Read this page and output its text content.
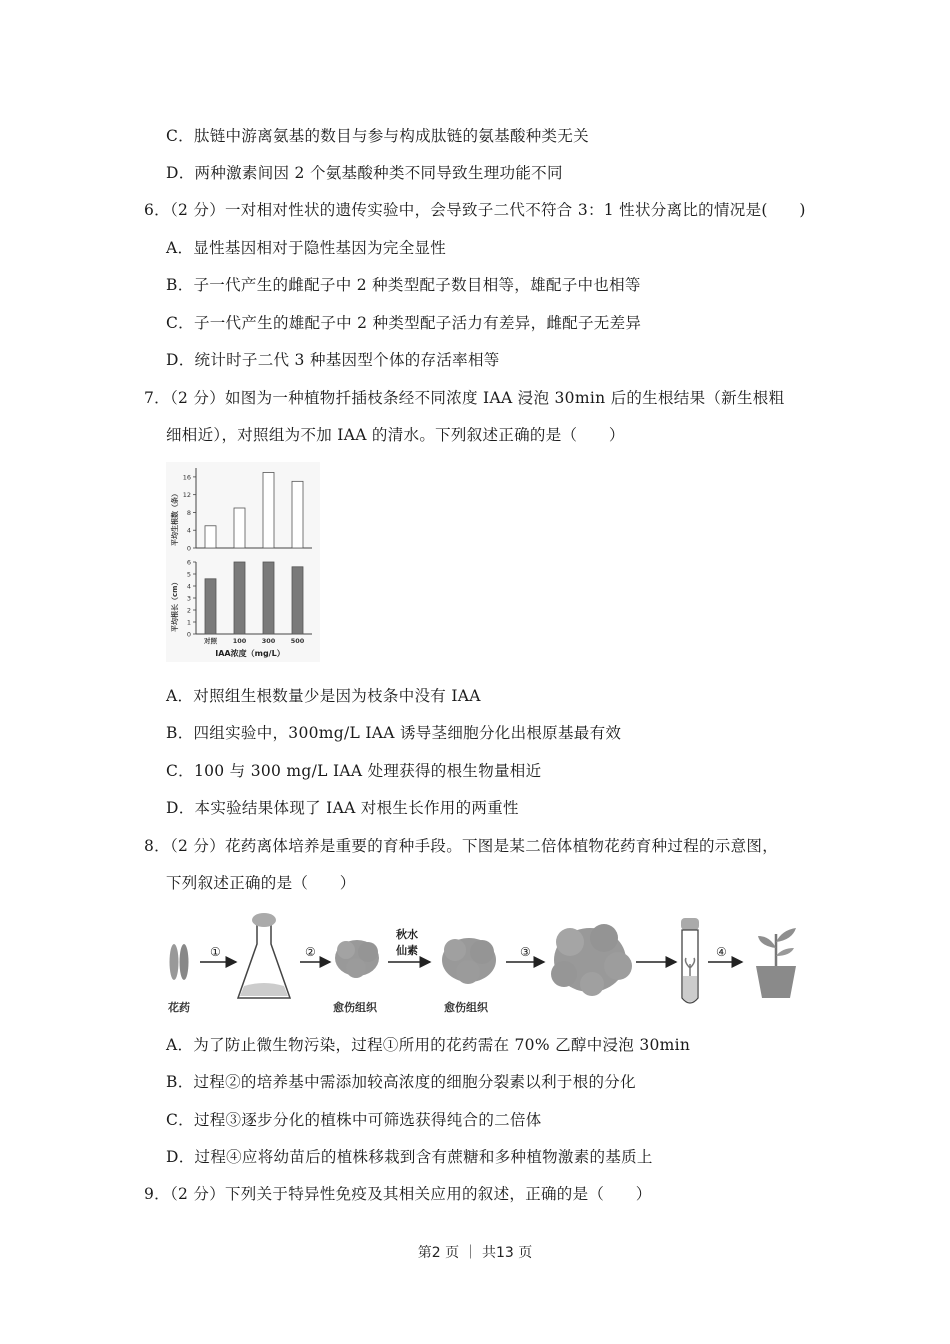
C．肽链中游离氨基的数目与参与构成肽链的氨基酸种类无关
D．两种激素间因 2 个氨基酸种类不同导致生理功能不同
6．（2 分）一对相对性状的遗传实验中，会导致子二代不符合 3：1 性状分离比的情况是(　　)
A．显性基因相对于隐性基因为完全显性
B．子一代产生的雌配子中 2 种类型配子数目相等，雄配子中也相等
C．子一代产生的雄配子中 2 种类型配子活力有差异，雌配子无差异
D．统计时子二代 3 种基因型个体的存活率相等
7．（2 分）如图为一种植物扦插枝条经不同浓度 IAA 浸泡 30min 后的生根结果（新生根粗
细相近），对照组为不加 IAA 的清水。下列叙述正确的是（　　）
0
4
8
12
16
平均生根数（条）
0
1
2
3
4
5
6
平均根长（cm）
对照 100 300 500
IAA浓度（mg/L）
A．对照组生根数量少是因为枝条中没有 IAA
B．四组实验中，300mg/L IAA 诱导茎细胞分化出根原基最有效
C．100 与 300 mg/L IAA 处理获得的根生物量相近
D．本实验结果体现了 IAA 对根生长作用的两重性
8．（2 分）花药离体培养是重要的育种手段。下图是某二倍体植物花药育种过程的示意图，
下列叙述正确的是（　　）
花药
①	②
愈伤组织
秋水
仙素
愈伤组织
③	④
A．为了防止微生物污染，过程①所用的花药需在 70% 乙醇中浸泡 30min
B．过程②的培养基中需添加较高浓度的细胞分裂素以利于根的分化
C．过程③逐步分化的植株中可筛选获得纯合的二倍体
D．过程④应将幼苗后的植株移栽到含有蔗糖和多种植物激素的基质上
9．（2 分）下列关于特异性免疫及其相关应用的叙述，正确的是（　　）
第2 页 ｜ 共13 页
